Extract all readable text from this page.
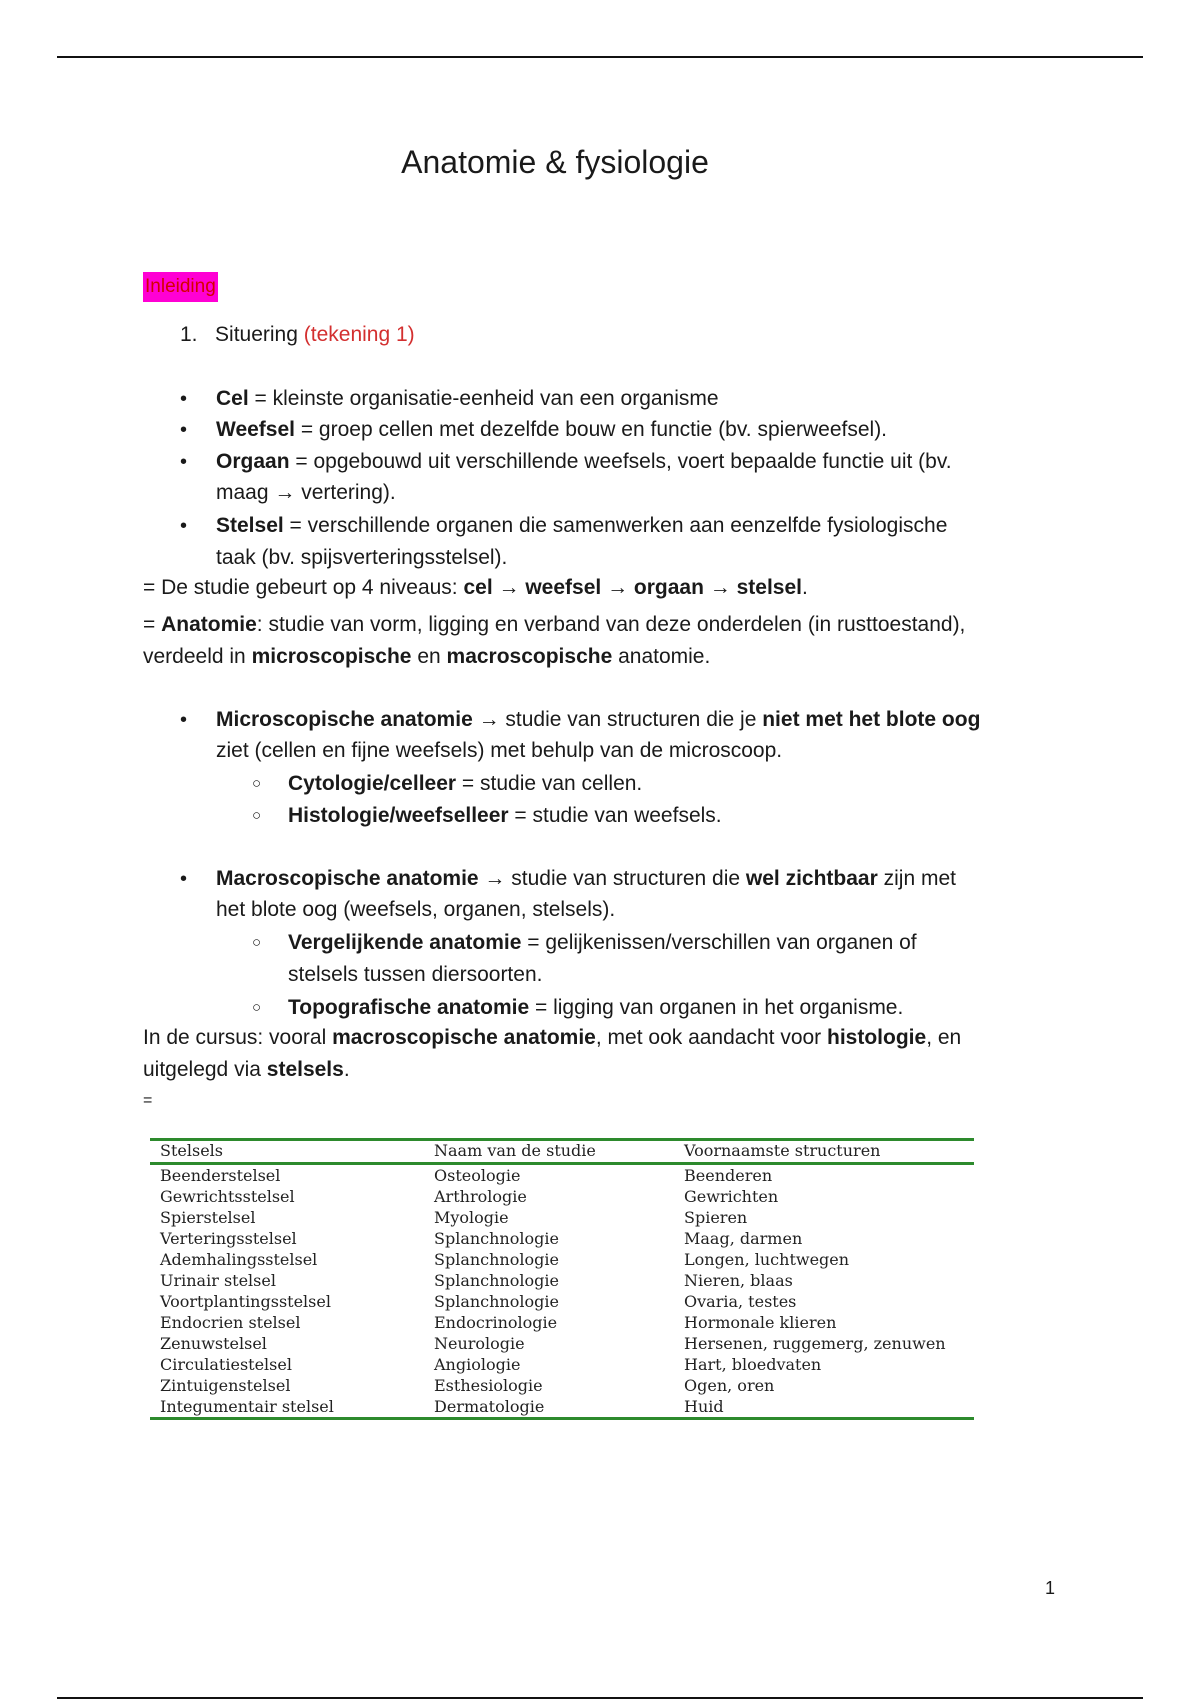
Anatomie & fysiologie
Inleiding
1. Situering (tekening 1)
• Cel = kleinste organisatie-eenheid van een organisme
• Weefsel = groep cellen met dezelfde bouw en functie (bv. spierweefsel).
• Orgaan = opgebouwd uit verschillende weefsels, voert bepaalde functie uit (bv.
maag → vertering).
• Stelsel = verschillende organen die samenwerken aan eenzelfde fysiologische
taak (bv. spijsverteringsstelsel).
= De studie gebeurt op 4 niveaus: cel → weefsel → orgaan → stelsel.
= Anatomie: studie van vorm, ligging en verband van deze onderdelen (in rusttoestand),
verdeeld in microscopische en macroscopische anatomie.
• Microscopische anatomie → studie van structuren die je niet met het blote oog
ziet (cellen en fijne weefsels) met behulp van de microscoop.
○ Cytologie/celleer = studie van cellen.
○ Histologie/weefselleer = studie van weefsels.
• Macroscopische anatomie → studie van structuren die wel zichtbaar zijn met
het blote oog (weefsels, organen, stelsels).
○ Vergelijkende anatomie = gelijkenissen/verschillen van organen of
stelsels tussen diersoorten.
○ Topografische anatomie = ligging van organen in het organisme.
In de cursus: vooral macroscopische anatomie, met ook aandacht voor histologie, en
uitgelegd via stelsels.
=
Stelsels	Naam van de studie	Voornaamste structuren
Beenderstelsel	Osteologie	Beenderen
Gewrichtsstelsel	Arthrologie	Gewrichten
Spierstelsel	Myologie	Spieren
Verteringsstelsel	Splanchnologie	Maag, darmen
Ademhalingsstelsel	Splanchnologie	Longen, luchtwegen
Urinair stelsel	Splanchnologie	Nieren, blaas
Voortplantingsstelsel	Splanchnologie	Ovaria, testes
Endocrien stelsel	Endocrinologie	Hormonale klieren
Zenuwstelsel	Neurologie	Hersenen, ruggemerg, zenuwen
Circulatiestelsel	Angiologie	Hart, bloedvaten
Zintuigenstelsel	Esthesiologie	Ogen, oren
Integumentair stelsel	Dermatologie	Huid
1
